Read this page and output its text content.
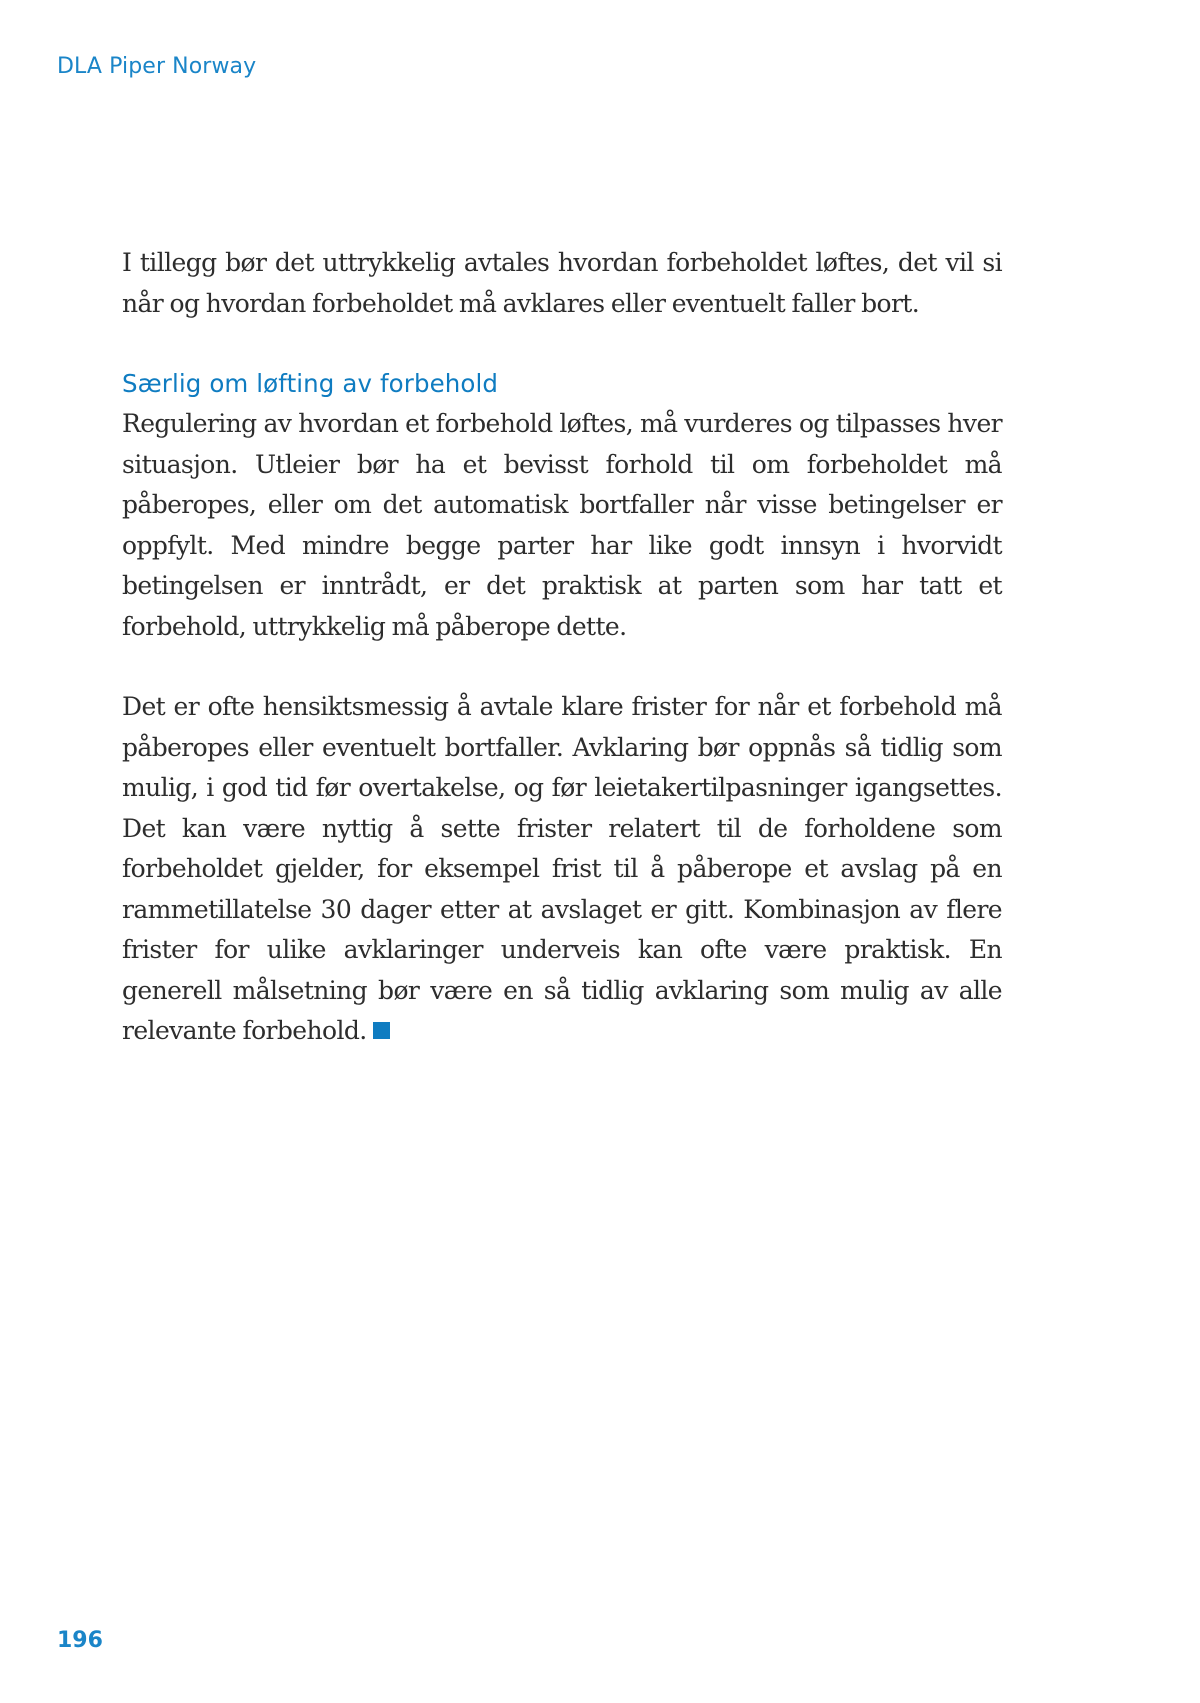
DLA Piper Norway

I tillegg bør det uttrykkelig avtales hvordan forbeholdet løftes, det vil si når og hvordan forbeholdet må avklares eller eventuelt faller bort.

Særlig om løfting av forbehold

Regulering av hvordan et forbehold løftes, må vurderes og tilpasses hver situasjon. Utleier bør ha et bevisst forhold til om forbeholdet må påberopes, eller om det automatisk bortfaller når visse betingelser er oppfylt. Med mindre begge parter har like godt innsyn i hvorvidt betingelsen er inntrådt, er det praktisk at parten som har tatt et forbehold, uttrykkelig må påberope dette.

Det er ofte hensiktsmessig å avtale klare frister for når et forbehold må påberopes eller eventuelt bortfaller. Avklaring bør oppnås så tidlig som mulig, i god tid før overtakelse, og før leietakertilpasninger igangsettes. Det kan være nyttig å sette frister relatert til de forholdene som forbeholdet gjelder, for eksempel frist til å påberope et avslag på en rammetillatelse 30 dager etter at avslaget er gitt. Kombinasjon av flere frister for ulike avklaringer underveis kan ofte være praktisk. En generell målsetning bør være en så tidlig avklaring som mulig av alle relevante forbehold.

196
